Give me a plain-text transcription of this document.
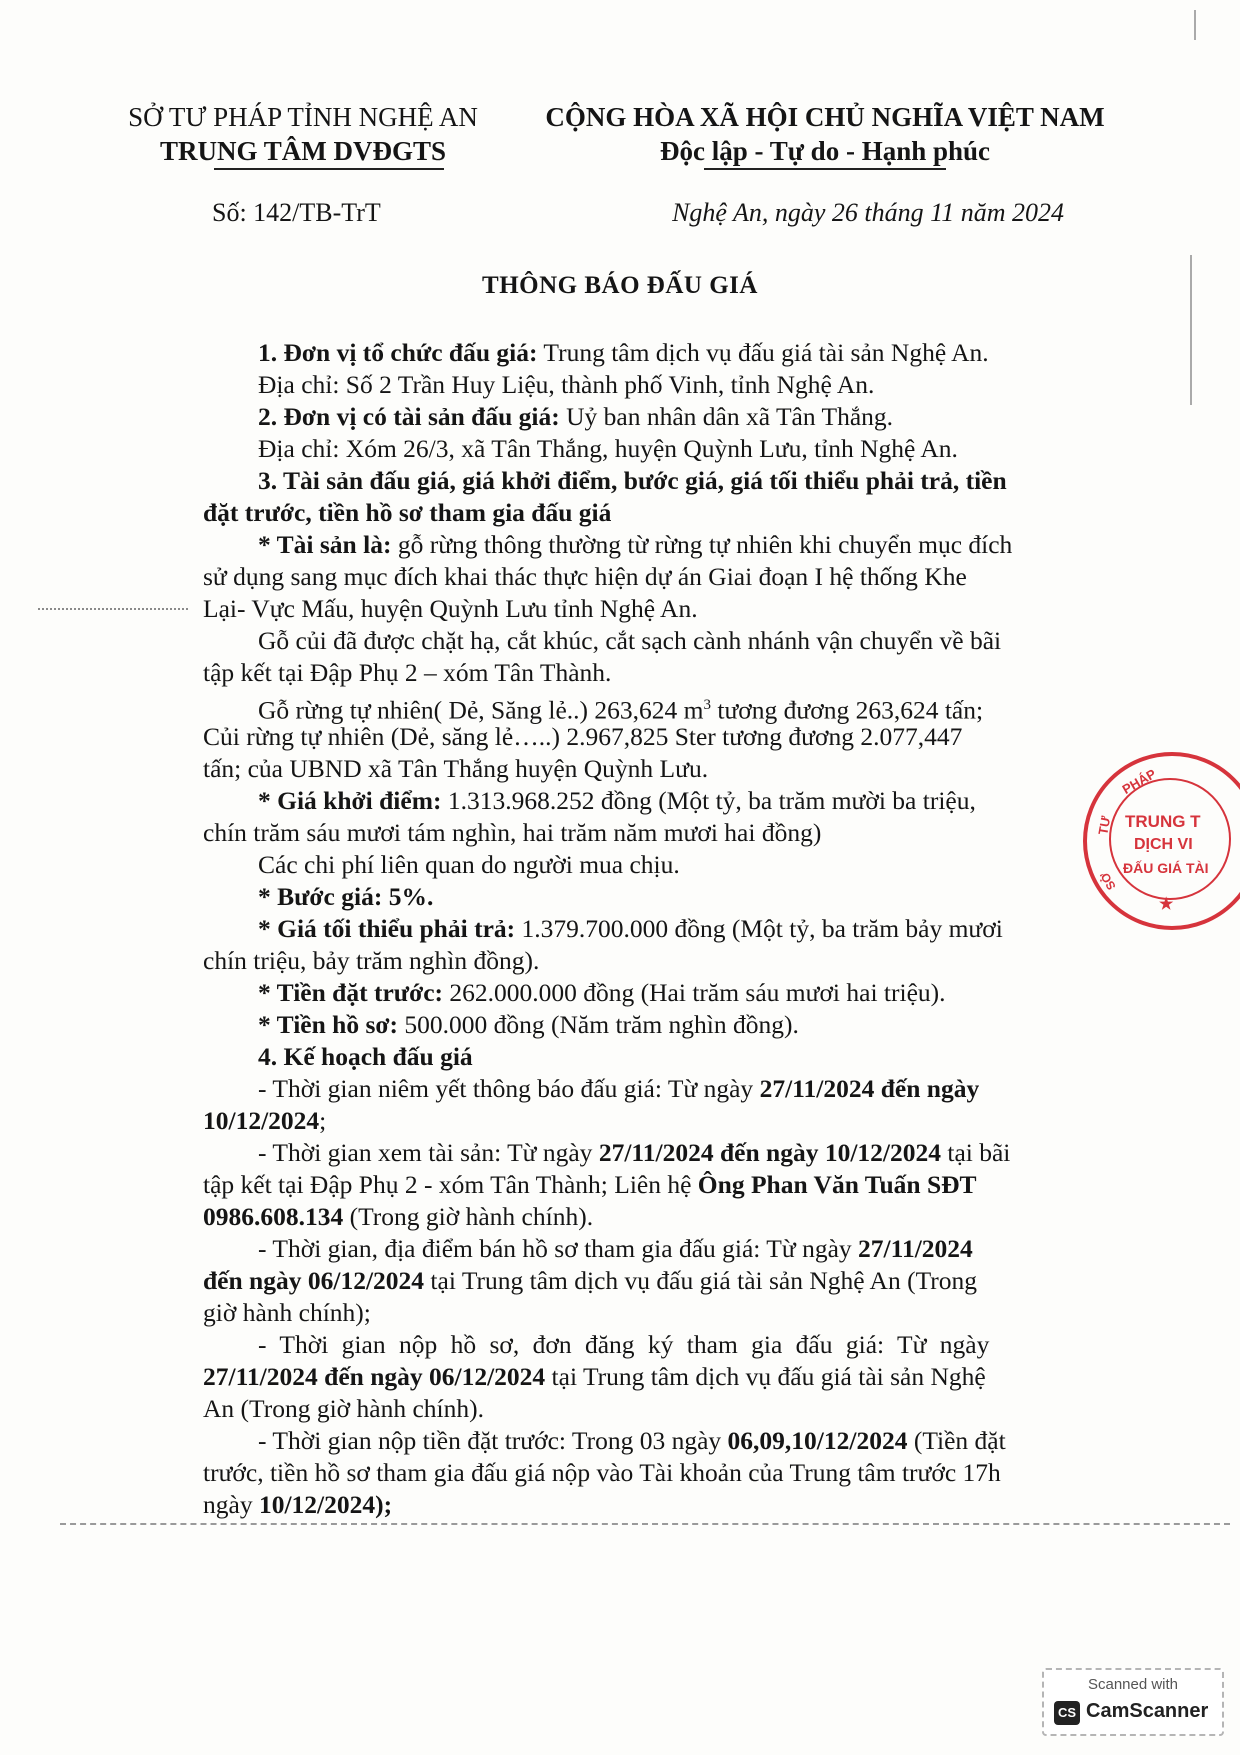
SỞ TƯ PHÁP TỈNH NGHỆ AN
TRUNG TÂM DVĐGTS
CỘNG HÒA XÃ HỘI CHỦ NGHĨA VIỆT NAM
Độc lập - Tự do - Hạnh phúc
Số: 142/TB-TrT	Nghệ An, ngày 26 tháng 11 năm 2024
THÔNG BÁO ĐẤU GIÁ
1. Đơn vị tổ chức đấu giá: Trung tâm dịch vụ đấu giá tài sản Nghệ An.
Địa chỉ: Số 2 Trần Huy Liệu, thành phố Vinh, tỉnh Nghệ An.
2. Đơn vị có tài sản đấu giá: Uỷ ban nhân dân xã Tân Thắng.
Địa chỉ: Xóm 26/3, xã Tân Thắng, huyện Quỳnh Lưu, tỉnh Nghệ An.
3. Tài sản đấu giá, giá khởi điểm, bước giá, giá tối thiểu phải trả, tiền
đặt trước, tiền hồ sơ tham gia đấu giá
* Tài sản là: gỗ rừng thông thường từ rừng tự nhiên khi chuyển mục đích
sử dụng sang mục đích khai thác thực hiện dự án Giai đoạn I hệ thống Khe
Lại- Vực Mấu, huyện Quỳnh Lưu tỉnh Nghệ An.
Gỗ củi đã được chặt hạ, cắt khúc, cắt sạch cành nhánh vận chuyển về bãi
tập kết tại Đập Phụ 2 – xóm Tân Thành.
Gỗ rừng tự nhiên( Dẻ, Săng lẻ..) 263,624 $m^3$ tương đương 263,624 tấn;
Củi rừng tự nhiên (Dẻ, săng lẻ…..) 2.967,825 Ster tương đương 2.077,447
tấn; của UBND xã Tân Thắng huyện Quỳnh Lưu.
* Giá khởi điểm: 1.313.968.252 đồng (Một tỷ, ba trăm mười ba triệu,
chín trăm sáu mươi tám nghìn, hai trăm năm mươi hai đồng)
Các chi phí liên quan do người mua chịu.
* Bước giá: 5%.
* Giá tối thiểu phải trả: 1.379.700.000 đồng (Một tỷ, ba trăm bảy mươi
chín triệu, bảy trăm nghìn đồng).
* Tiền đặt trước: 262.000.000 đồng (Hai trăm sáu mươi hai triệu).
* Tiền hồ sơ: 500.000 đồng (Năm trăm nghìn đồng).
4. Kế hoạch đấu giá
- Thời gian niêm yết thông báo đấu giá: Từ ngày 27/11/2024 đến ngày
10/12/2024;
- Thời gian xem tài sản: Từ ngày 27/11/2024 đến ngày 10/12/2024 tại bãi
tập kết tại Đập Phụ 2 - xóm Tân Thành; Liên hệ Ông Phan Văn Tuấn SĐT
0986.608.134 (Trong giờ hành chính).
- Thời gian, địa điểm bán hồ sơ tham gia đấu giá: Từ ngày 27/11/2024
đến ngày 06/12/2024 tại Trung tâm dịch vụ đấu giá tài sản Nghệ An (Trong
giờ hành chính);
- Thời gian nộp hồ sơ, đơn đăng ký tham gia đấu giá: Từ ngày
27/11/2024 đến ngày 06/12/2024 tại Trung tâm dịch vụ đấu giá tài sản Nghệ
An (Trong giờ hành chính).
- Thời gian nộp tiền đặt trước: Trong 03 ngày 06,09,10/12/2024 (Tiền đặt
trước, tiền hồ sơ tham gia đấu giá nộp vào Tài khoản của Trung tâm trước 17h
ngày 10/12/2024);
PHÁP
TƯ
SỞ
TRUNG T
DỊCH VI
ĐẤU GIÁ TÀI
★
Scanned with
CS CamScanner
